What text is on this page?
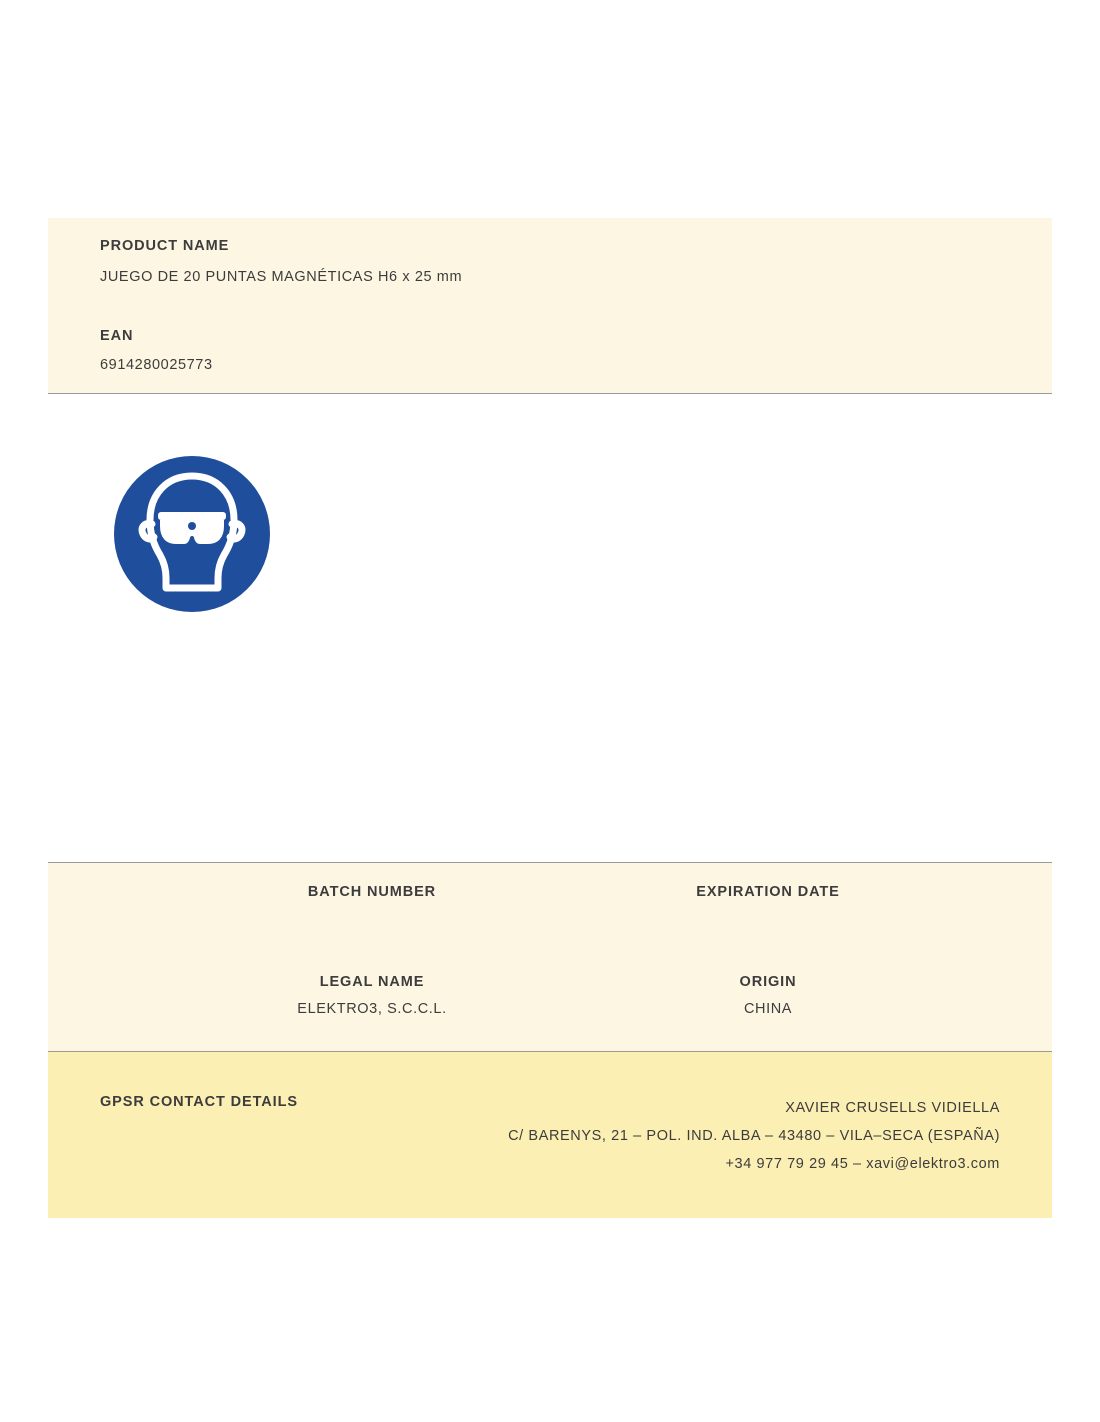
PRODUCT NAME
JUEGO DE 20 PUNTAS MAGNÉTICAS H6 x 25 mm
EAN
6914280025773
BATCH NUMBER	EXPIRATION DATE
LEGAL NAME
ELEKTRO3, S.C.C.L.
ORIGIN
CHINA
GPSR CONTACT DETAILS	XAVIER CRUSELLS VIDIELLA
C/ BARENYS, 21 – POL. IND. ALBA – 43480 – VILA–SECA (ESPAÑA)
+34 977 79 29 45 – xavi@elektro3.com
